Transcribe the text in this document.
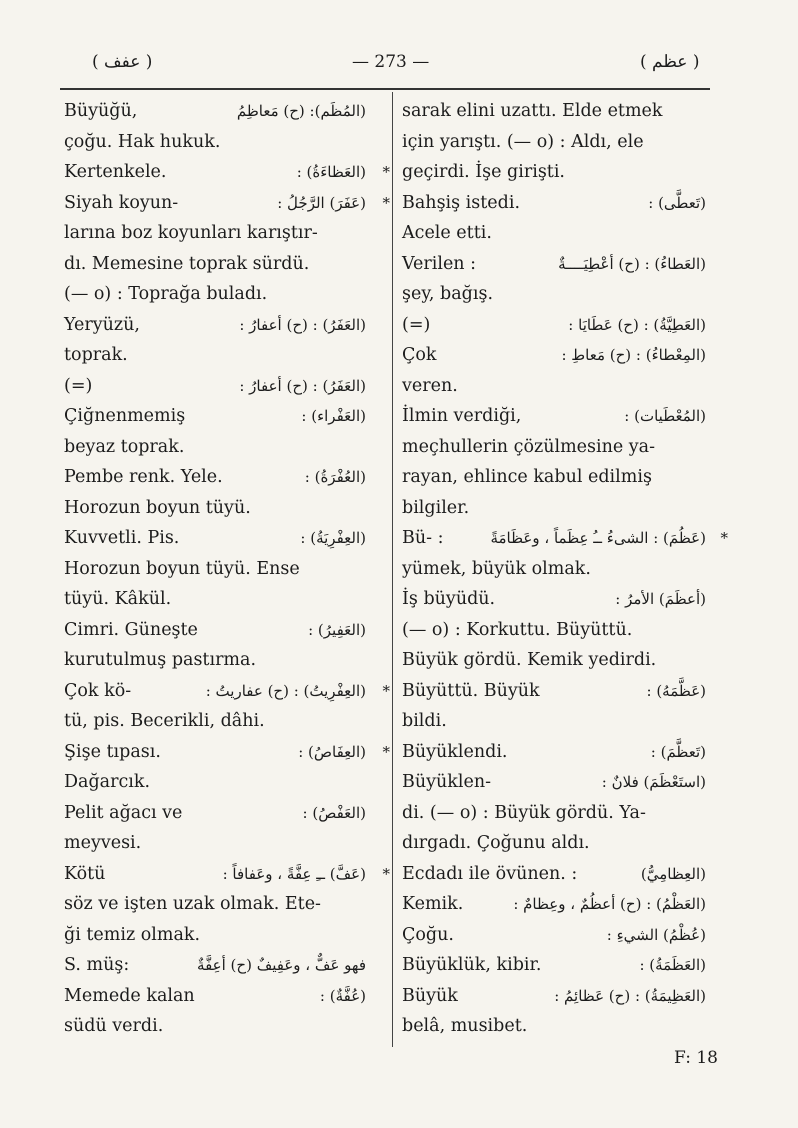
( عفف )	— 273 —	( عظم )
Büyüğü,	(المُظَم): (ح) مَعاظِمُ
çoğu. Hak hukuk.
Kertenkele.	(العَظاءَةُ) : *
Siyah koyun-	(عَفَرَ) الرَّجُلُ : *
larına boz koyunları karıştır-
dı. Memesine toprak sürdü.
(— o) : Toprağa buladı.
Yeryüzü,	(العَفَرُ) : (ح) أعفارُ :
toprak.
(=)	(العَفَرُ) : (ح) أعفارُ :
Çiğnenmemiş	(العَفْراء) :
beyaz toprak.
Pembe renk. Yele.	(العُفْرَةُ) :
Horozun boyun tüyü.
Kuvvetli. Pis.	(العِفْرِيَةُ) :
Horozun boyun tüyü. Ense
tüyü. Kâkül.
Cimri. Güneşte	(العَفِيرُ) :
kurutulmuş pastırma.
Çok kö-	(العِفْرِيتُ) : (ح) عفاريتُ : *
tü, pis. Becerikli, dâhi.
Şişe tıpası.	(العِفَاصُ) : *
Dağarcık.
Pelit ağacı ve	(العَفْصُ) :
meyvesi.
Kötü	(عَفَّ) ــِ عِفَّةً ، وعَفافاً : *
söz ve işten uzak olmak. Ete-
ği temiz olmak.
S. müş:	فهو عَفٌّ ، وعَفِيفٌ (ح) أعِفَّةٌ
Memede kalan	(عُفَّةٌ) :
südü verdi.
sarak elini uzattı. Elde etmek
için yarıştı. (— o) : Aldı, ele
geçirdi. İşe girişti.
Bahşiş istedi.	(تَعطَّى) :
Acele etti.
Verilen :	(العَطاءُ) : (ح) أعْطِيَــــةٌ
şey, bağış.
(=)	(العَطِيَّةُ) : (ح) عَطَايَا :
Çok	(المِعْطاءُ) : (ح) مَعاطِ :
veren.
İlmin verdiği,	(المُعْطَيات) :
meçhullerin çözülmesine ya-
rayan, ehlince kabul edilmiş
bilgiler.
Bü- :	(عَظُمَ) : الشىءُ ــُ عِظَماً ، وعَظَامَةً *
yümek, büyük olmak.
İş büyüdü.	(أعظَمَ) الأمرُ :
(— o) : Korkuttu. Büyüttü.
Büyük gördü. Kemik yedirdi.
Büyüttü. Büyük	(عَظَّمَهُ) :
bildi.
Büyüklendi.	(تَعظَّمَ) :
Büyüklen-	(استَعْظَمَ) فلانٌ :
di. (— o) : Büyük gördü. Ya-
dırgadı. Çoğunu aldı.
Ecdadı ile övünen. :	(العِظامِيُّ)
Kemik.	(العَظْمُ) : (ح) أعظُمٌ ، وعِظامٌ :
Çoğu.	(عُظْمُ) الشيءِ :
Büyüklük, kibir.	(العَظَمَةُ) :
Büyük	(العَظِيمَةُ) : (ح) عَظائِمُ :
belâ, musibet.
F: 18
